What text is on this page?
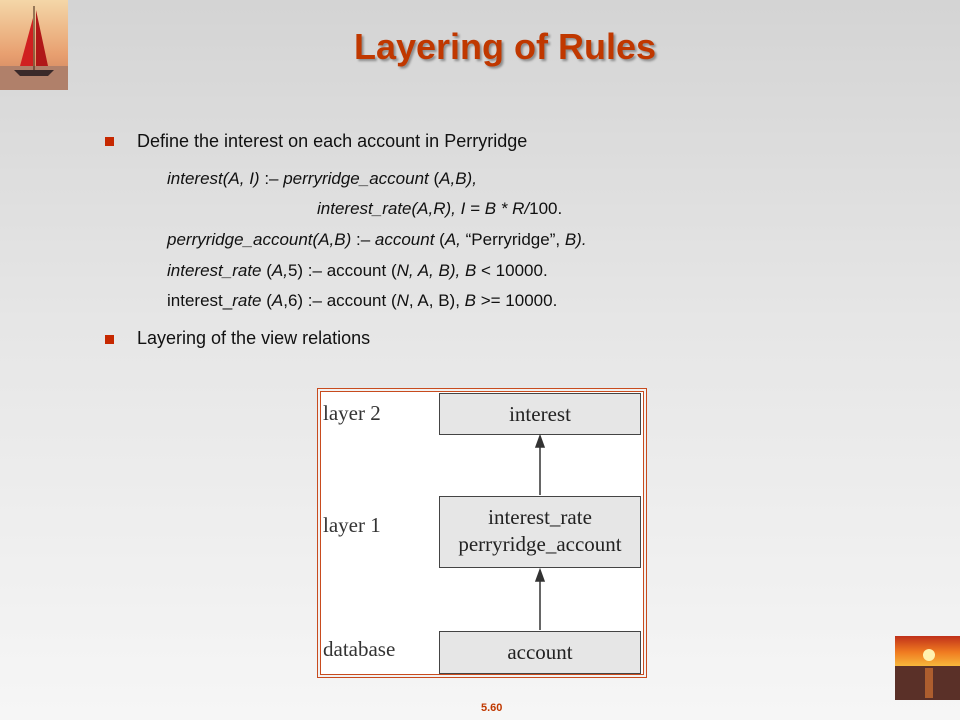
Layering of Rules
Define the interest on each account in Perryridge
interest(A, I) :– perryridge_account (A,B),
interest_rate(A,R), I = B * R/100.
perryridge_account(A,B) :– account (A, “Perryridge”, B).
interest_rate (A,5) :– account (N, A, B), B < 10000.
interest_rate (A,6) :– account (N, A, B), B >= 10000.
Layering of the view relations
layer 2
layer 1
database
interest
interest_rate
perryridge_account
account
5.60
